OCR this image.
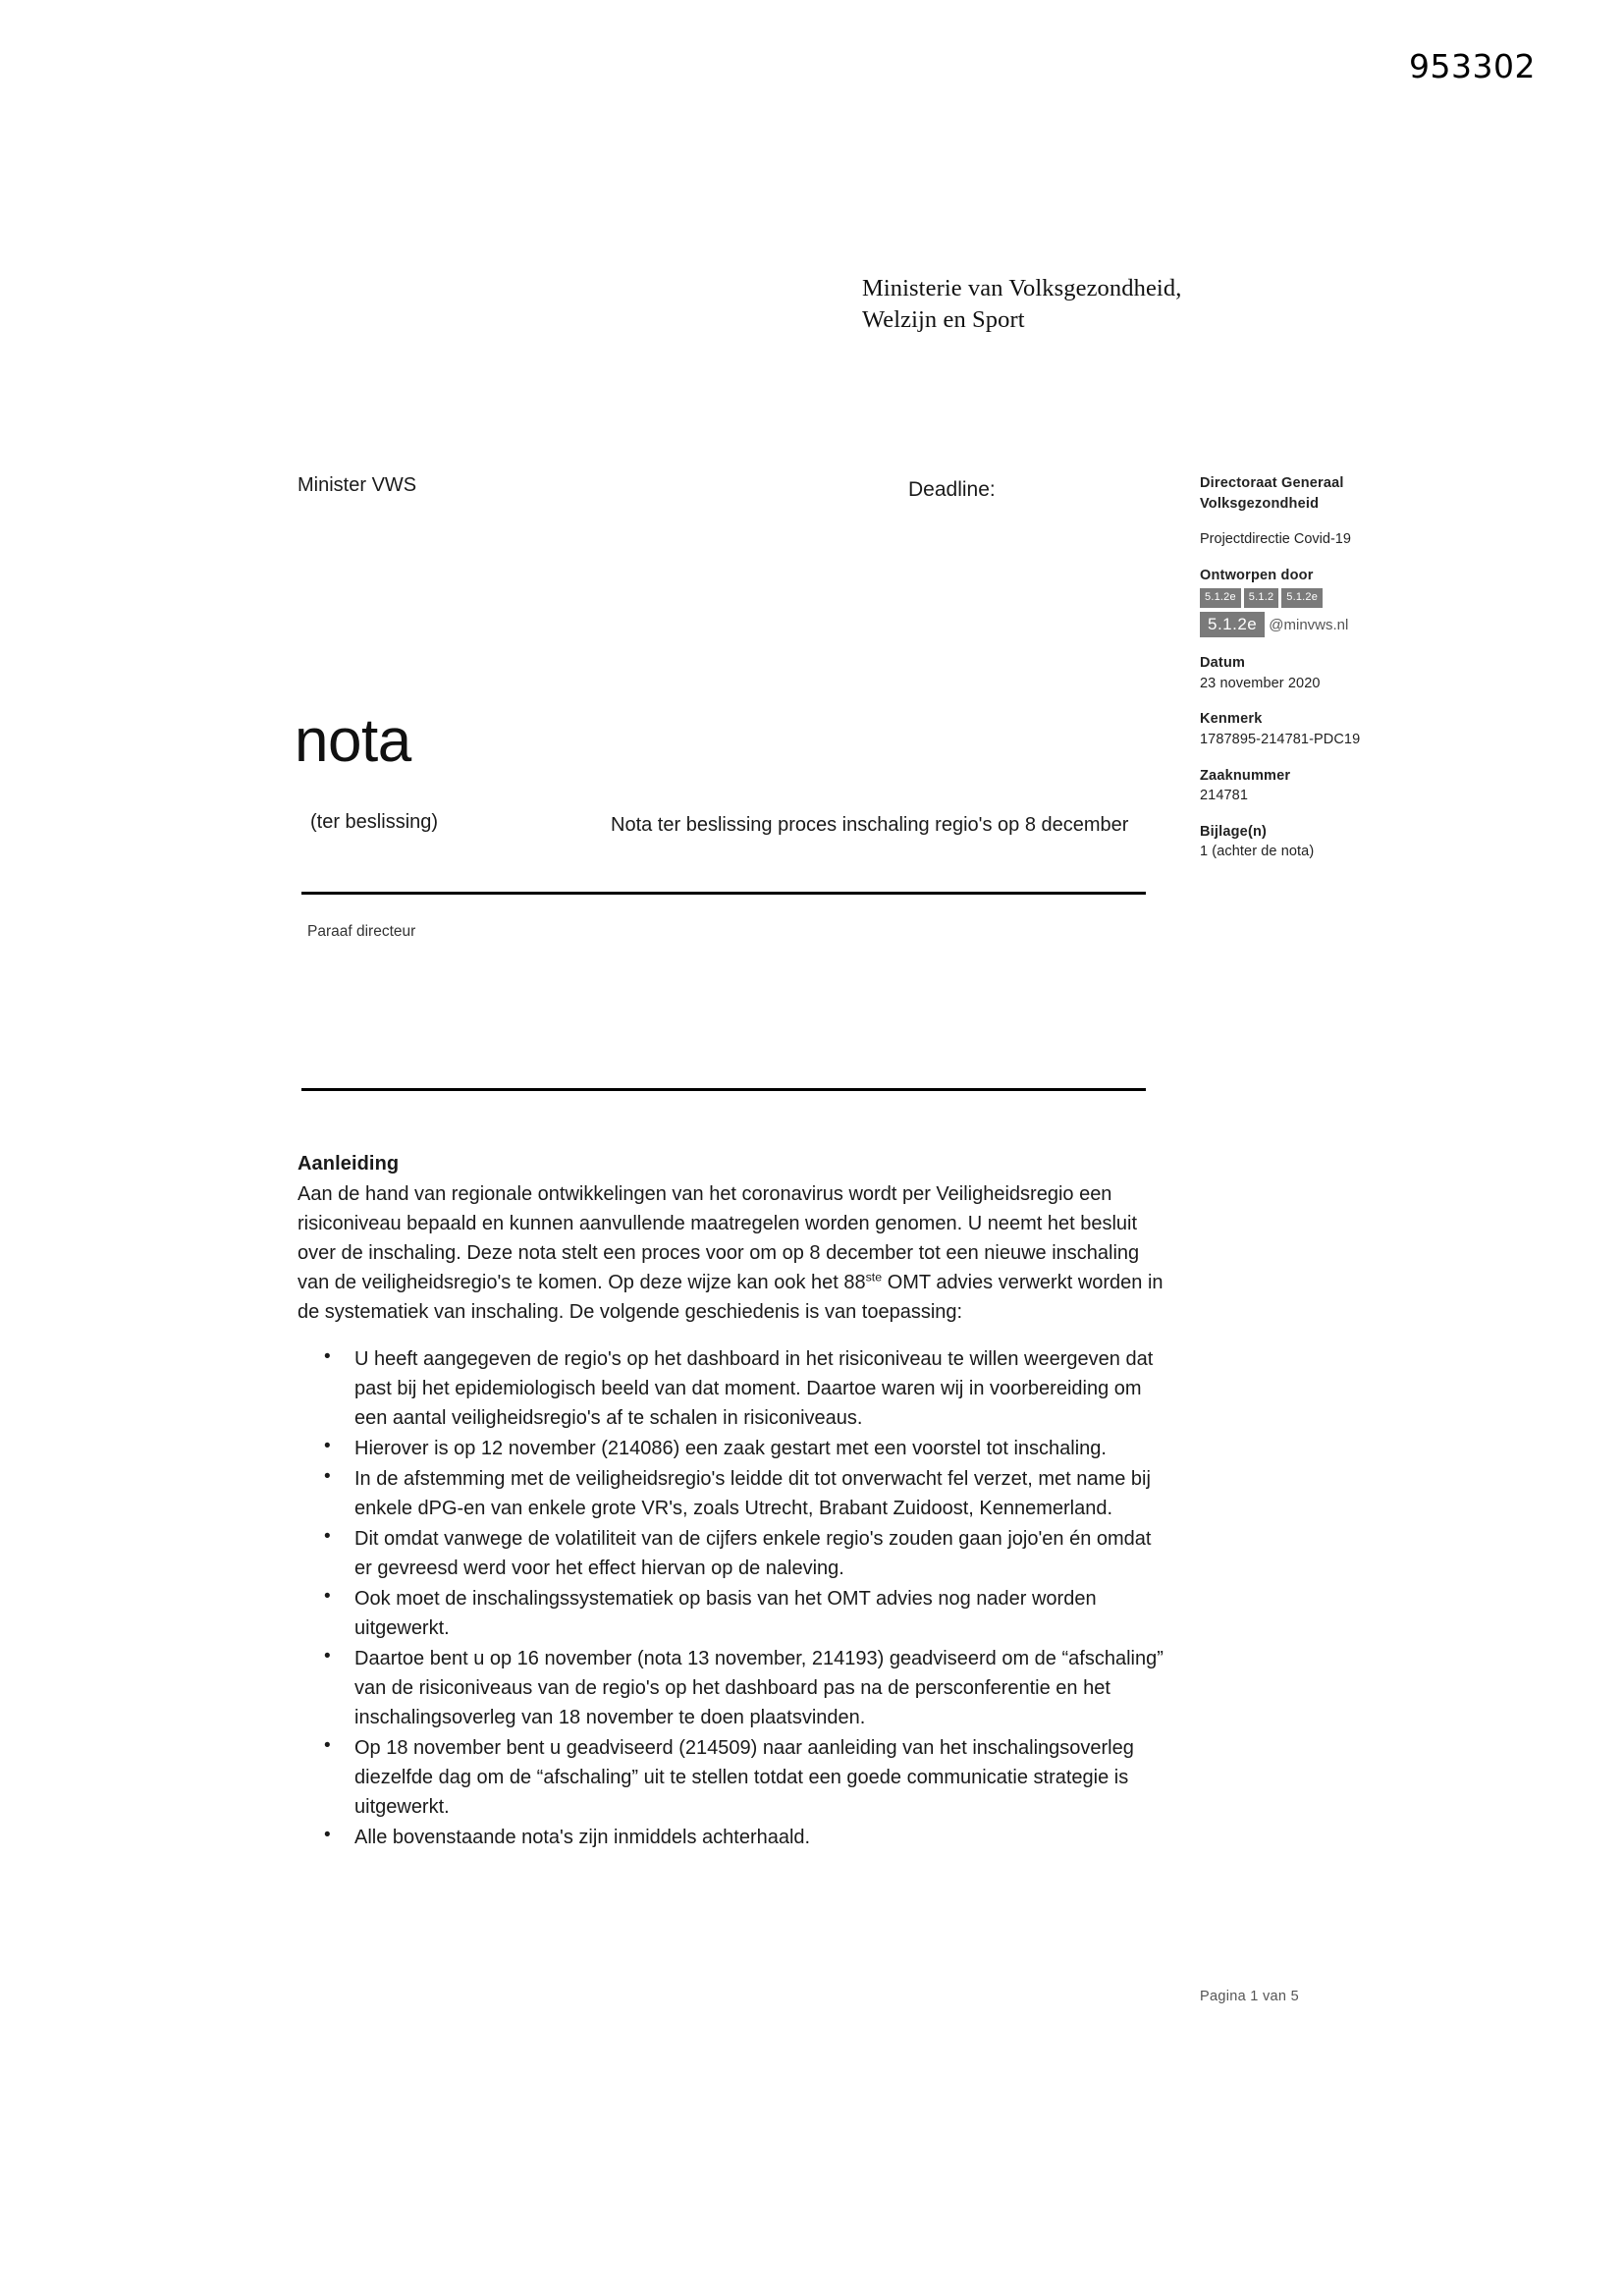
953302
Ministerie van Volksgezondheid,
Welzijn en Sport
Minister VWS	Deadline:	Directoraat Generaal
Volksgezondheid
Projectdirectie Covid-19
Ontworpen door
5.1.2e	5.1.2	5.1.2e
5.1.2e @minvws.nl
Datum
23 november 2020
Kenmerk
1787895-214781-PDC19
Zaaknummer
214781
Bijlage(n)
1 (achter de nota)
nota
(ter beslissing)	Nota ter beslissing proces inschaling regio's op 8 december
Paraaf directeur
Aanleiding

Aan de hand van regionale ontwikkelingen van het coronavirus wordt per Veiligheidsregio een risiconiveau bepaald en kunnen aanvullende maatregelen worden genomen. U neemt het besluit over de inschaling. Deze nota stelt een proces voor om op 8 december tot een nieuwe inschaling van de veiligheidsregio's te komen. Op deze wijze kan ook het 88ste OMT advies verwerkt worden in de systematiek van inschaling. De volgende geschiedenis is van toepassing:

• U heeft aangegeven de regio's op het dashboard in het risiconiveau te willen weergeven dat past bij het epidemiologisch beeld van dat moment. Daartoe waren wij in voorbereiding om een aantal veiligheidsregio's af te schalen in risiconiveaus.
• Hierover is op 12 november (214086) een zaak gestart met een voorstel tot inschaling.
• In de afstemming met de veiligheidsregio's leidde dit tot onverwacht fel verzet, met name bij enkele dPG-en van enkele grote VR's, zoals Utrecht, Brabant Zuidoost, Kennemerland.
• Dit omdat vanwege de volatiliteit van de cijfers enkele regio's zouden gaan jojo'en én omdat er gevreesd werd voor het effect hiervan op de naleving.
• Ook moet de inschalingssystematiek op basis van het OMT advies nog nader worden uitgewerkt.
• Daartoe bent u op 16 november (nota 13 november, 214193) geadviseerd om de “afschaling” van de risiconiveaus van de regio's op het dashboard pas na de persconferentie en het inschalingsoverleg van 18 november te doen plaatsvinden.
• Op 18 november bent u geadviseerd (214509) naar aanleiding van het inschalingsoverleg diezelfde dag om de “afschaling” uit te stellen totdat een goede communicatie strategie is uitgewerkt.
• Alle bovenstaande nota's zijn inmiddels achterhaald.
Pagina 1 van 5
